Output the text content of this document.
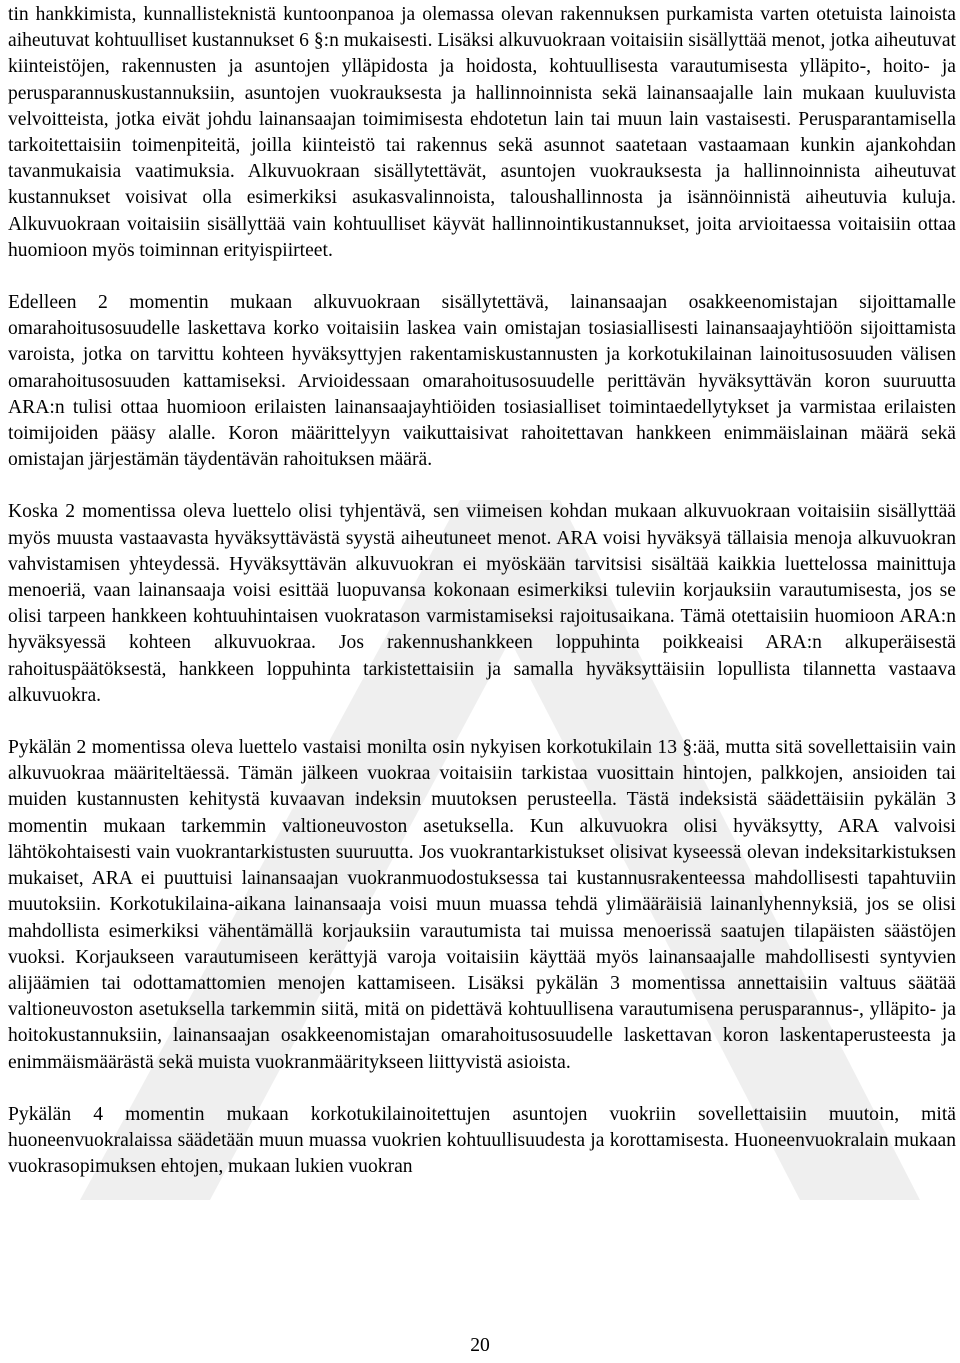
tin hankkimista, kunnallisteknistä kuntoonpanoa ja olemassa olevan rakennuksen purkamista varten otetuista lainoista aiheutuvat kohtuulliset kustannukset 6 §:n mukaisesti. Lisäksi alkuvuokraan voitaisiin sisällyttää menot, jotka aiheutuvat kiinteistöjen, rakennusten ja asuntojen ylläpidosta ja hoidosta, kohtuullisesta varautumisesta ylläpito-, hoito- ja perusparannuskustannuksiin, asuntojen vuokrauksesta ja hallinnoinnista sekä lainansaajalle lain mukaan kuuluvista velvoitteista, jotka eivät johdu lainansaajan toimimisesta ehdotetun lain tai muun lain vastaisesti. Perusparantamisella tarkoitettaisiin toimenpiteitä, joilla kiinteistö tai rakennus sekä asunnot saatetaan vastaamaan kunkin ajankohdan tavanmukaisia vaatimuksia. Alkuvuokraan sisällytettävät, asuntojen vuokrauksesta ja hallinnoinnista aiheutuvat kustannukset voisivat olla esimerkiksi asukasvalinnoista, taloushallinnosta ja isännöinnistä aiheutuvia kuluja. Alkuvuokraan voitaisiin sisällyttää vain kohtuulliset käyvät hallinnointikustannukset, joita arvioitaessa voitaisiin ottaa huomioon myös toiminnan erityispiirteet.

Edelleen 2 momentin mukaan alkuvuokraan sisällytettävä, lainansaajan osakkeenomistajan sijoittamalle omarahoitusosuudelle laskettava korko voitaisiin laskea vain omistajan tosiasiallisesti lainansaajayhtiöön sijoittamista varoista, jotka on tarvittu kohteen hyväksyttyjen rakentamiskustannusten ja korkotukilainan lainoitusosuuden välisen omarahoitusosuuden kattamiseksi. Arvioidessaan omarahoitusosuudelle perittävän hyväksyttävän koron suuruutta ARA:n tulisi ottaa huomioon erilaisten lainansaajayhtiöiden tosiasialliset toimintaedellytykset ja varmistaa erilaisten toimijoiden pääsy alalle. Koron määrittelyyn vaikuttaisivat rahoitettavan hankkeen enimmäislainan määrä sekä omistajan järjestämän täydentävän rahoituksen määrä.

Koska 2 momentissa oleva luettelo olisi tyhjentävä, sen viimeisen kohdan mukaan alkuvuokraan voitaisiin sisällyttää myös muusta vastaavasta hyväksyttävästä syystä aiheutuneet menot. ARA voisi hyväksyä tällaisia menoja alkuvuokran vahvistamisen yhteydessä. Hyväksyttävän alkuvuokran ei myöskään tarvitsisi sisältää kaikkia luettelossa mainittuja menoeriä, vaan lainansaaja voisi esittää luopuvansa kokonaan esimerkiksi tuleviin korjauksiin varautumisesta, jos se olisi tarpeen hankkeen kohtuuhintaisen vuokratason varmistamiseksi rajoitusaikana. Tämä otettaisiin huomioon ARA:n hyväksyessä kohteen alkuvuokraa. Jos rakennushankkeen loppuhinta poikkeaisi ARA:n alkuperäisestä rahoituspäätöksestä, hankkeen loppuhinta tarkistettaisiin ja samalla hyväksyttäisiin lopullista tilannetta vastaava alkuvuokra.

Pykälän 2 momentissa oleva luettelo vastaisi monilta osin nykyisen korkotukilain 13 §:ää, mutta sitä sovellettaisiin vain alkuvuokraa määriteltäessä. Tämän jälkeen vuokraa voitaisiin tarkistaa vuosittain hintojen, palkkojen, ansioiden tai muiden kustannusten kehitystä kuvaavan indeksin muutoksen perusteella. Tästä indeksistä säädettäisiin pykälän 3 momentin mukaan tarkemmin valtioneuvoston asetuksella. Kun alkuvuokra olisi hyväksytty, ARA valvoisi lähtökohtaisesti vain vuokrantarkistusten suuruutta. Jos vuokrantarkistukset olisivat kyseessä olevan indeksitarkistuksen mukaiset, ARA ei puuttuisi lainansaajan vuokranmuodostuksessa tai kustannusrakenteessa mahdollisesti tapahtuviin muutoksiin. Korkotukilaina-aikana lainansaaja voisi muun muassa tehdä ylimääräisiä lainanlyhennyksiä, jos se olisi mahdollista esimerkiksi vähentämällä korjauksiin varautumista tai muissa menoerissä saatujen tilapäisten säästöjen vuoksi. Korjaukseen varautumiseen kerättyjä varoja voitaisiin käyttää myös lainansaajalle mahdollisesti syntyvien alijäämien tai odottamattomien menojen kattamiseen. Lisäksi pykälän 3 momentissa annettaisiin valtuus säätää valtioneuvoston asetuksella tarkemmin siitä, mitä on pidettävä kohtuullisena varautumisena perusparannus-, ylläpito- ja hoitokustannuksiin, lainansaajan osakkeenomistajan omarahoitusosuudelle laskettavan koron laskentaperusteesta ja enimmäismäärästä sekä muista vuokranmääritykseen liittyvistä asioista.

Pykälän 4 momentin mukaan korkotukilainoitettujen asuntojen vuokriin sovellettaisiin muutoin, mitä huoneenvuokralaissa säädetään muun muassa vuokrien kohtuullisuudesta ja korottamisesta. Huoneenvuokralain mukaan vuokrasopimuksen ehtojen, mukaan lukien vuokran

20
